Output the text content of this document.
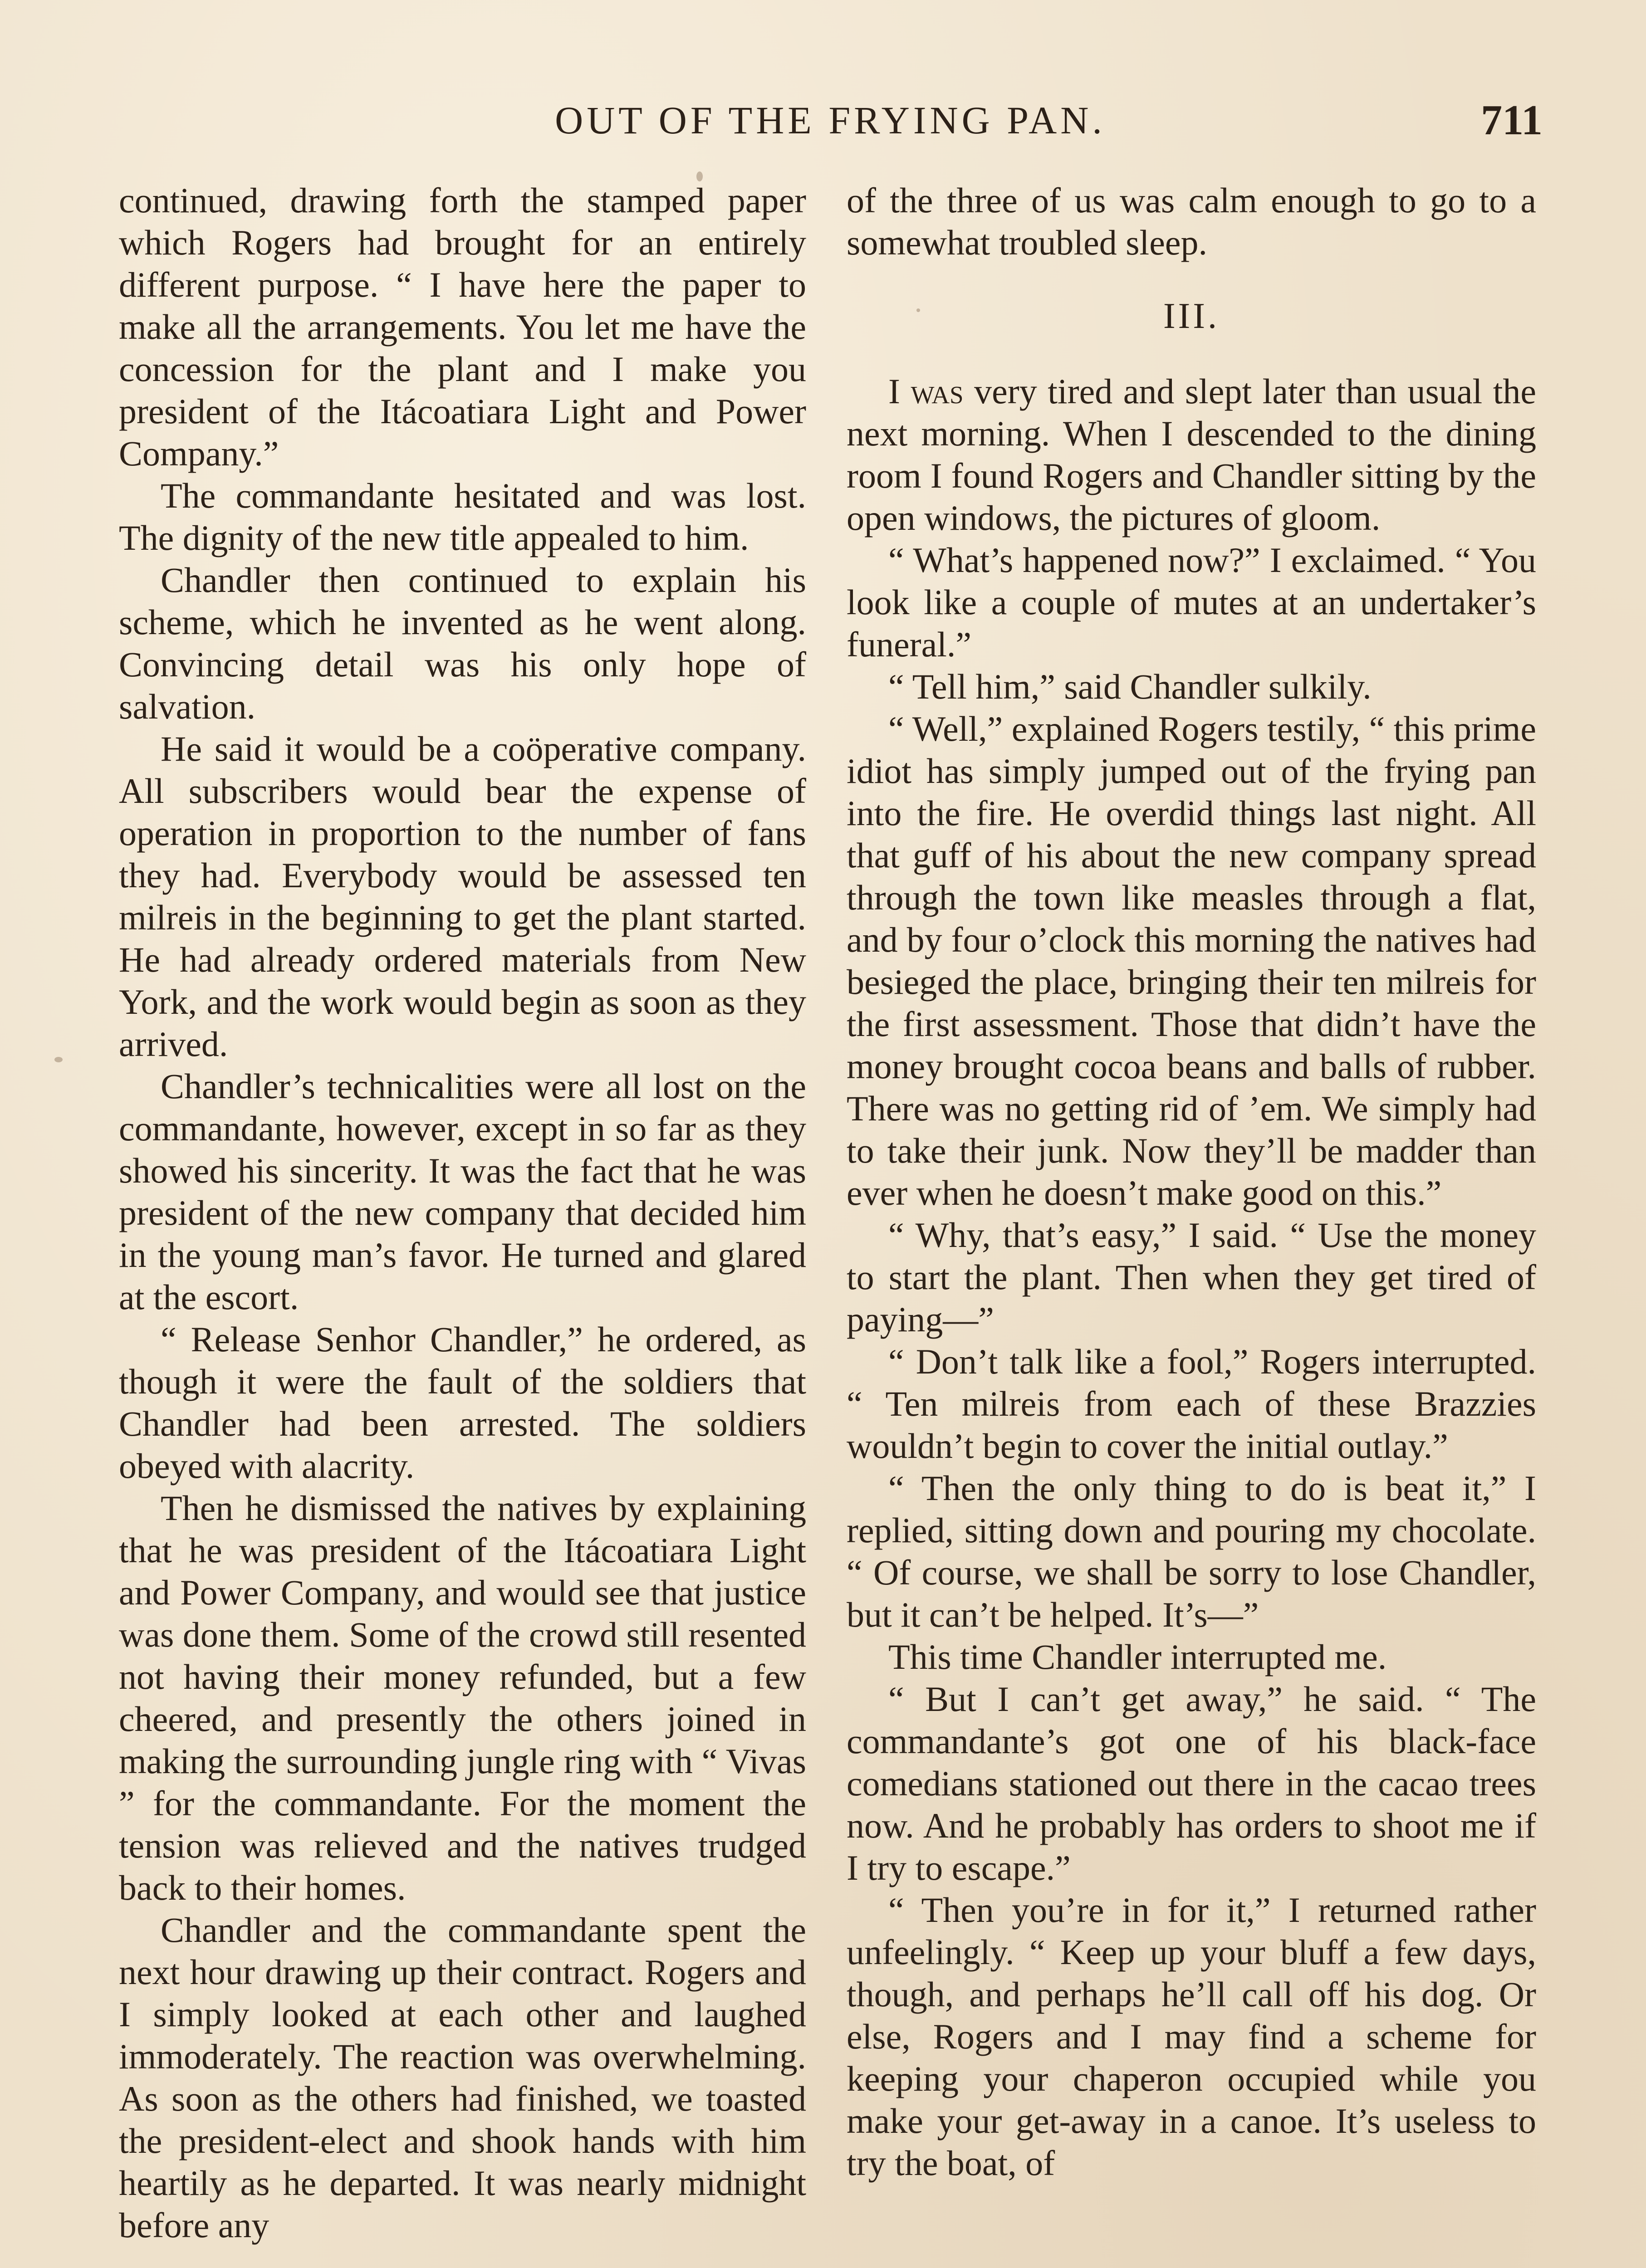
OUT OF THE FRYING PAN.	711

continued, drawing forth the stamped paper which Rogers had brought for an entirely different purpose. “ I have here the paper to make all the arrangements. You let me have the concession for the plant and I make you president of the Itácoatiara Light and Power Company.”

The commandante hesitated and was lost. The dignity of the new title appealed to him.

Chandler then continued to explain his scheme, which he invented as he went along. Convincing detail was his only hope of salvation.

He said it would be a coöperative company. All subscribers would bear the expense of operation in proportion to the number of fans they had. Everybody would be assessed ten milreis in the beginning to get the plant started. He had already ordered materials from New York, and the work would begin as soon as they arrived.

Chandler’s technicalities were all lost on the commandante, however, except in so far as they showed his sincerity. It was the fact that he was president of the new company that decided him in the young man’s favor. He turned and glared at the escort.

“ Release Senhor Chandler,” he ordered, as though it were the fault of the soldiers that Chandler had been arrested. The soldiers obeyed with alacrity.

Then he dismissed the natives by explaining that he was president of the Itácoatiara Light and Power Company, and would see that justice was done them. Some of the crowd still resented not having their money refunded, but a few cheered, and presently the others joined in making the surrounding jungle ring with “ Vivas ” for the commandante. For the moment the tension was relieved and the natives trudged back to their homes.

Chandler and the commandante spent the next hour drawing up their contract. Rogers and I simply looked at each other and laughed immoderately. The reaction was overwhelming. As soon as the others had finished, we toasted the president-elect and shook hands with him heartily as he departed. It was nearly midnight before any

of the three of us was calm enough to go to a somewhat troubled sleep.

III.

I was very tired and slept later than usual the next morning. When I descended to the dining room I found Rogers and Chandler sitting by the open windows, the pictures of gloom.

“ What’s happened now?” I exclaimed. “ You look like a couple of mutes at an undertaker’s funeral.”

“ Tell him,” said Chandler sulkily.

“ Well,” explained Rogers testily, “ this prime idiot has simply jumped out of the frying pan into the fire. He overdid things last night. All that guff of his about the new company spread through the town like measles through a flat, and by four o’clock this morning the natives had besieged the place, bringing their ten milreis for the first assessment. Those that didn’t have the money brought cocoa beans and balls of rubber. There was no getting rid of ’em. We simply had to take their junk. Now they’ll be madder than ever when he doesn’t make good on this.”

“ Why, that’s easy,” I said. “ Use the money to start the plant. Then when they get tired of paying—”

“ Don’t talk like a fool,” Rogers interrupted. “ Ten milreis from each of these Brazzies wouldn’t begin to cover the initial outlay.”

“ Then the only thing to do is beat it,” I replied, sitting down and pouring my chocolate. “ Of course, we shall be sorry to lose Chandler, but it can’t be helped. It’s—”

This time Chandler interrupted me.

“ But I can’t get away,” he said. “ The commandante’s got one of his black-face comedians stationed out there in the cacao trees now. And he probably has orders to shoot me if I try to escape.”

“ Then you’re in for it,” I returned rather unfeelingly. “ Keep up your bluff a few days, though, and perhaps he’ll call off his dog. Or else, Rogers and I may find a scheme for keeping your chaperon occupied while you make your get-away in a canoe. It’s useless to try the boat, of
